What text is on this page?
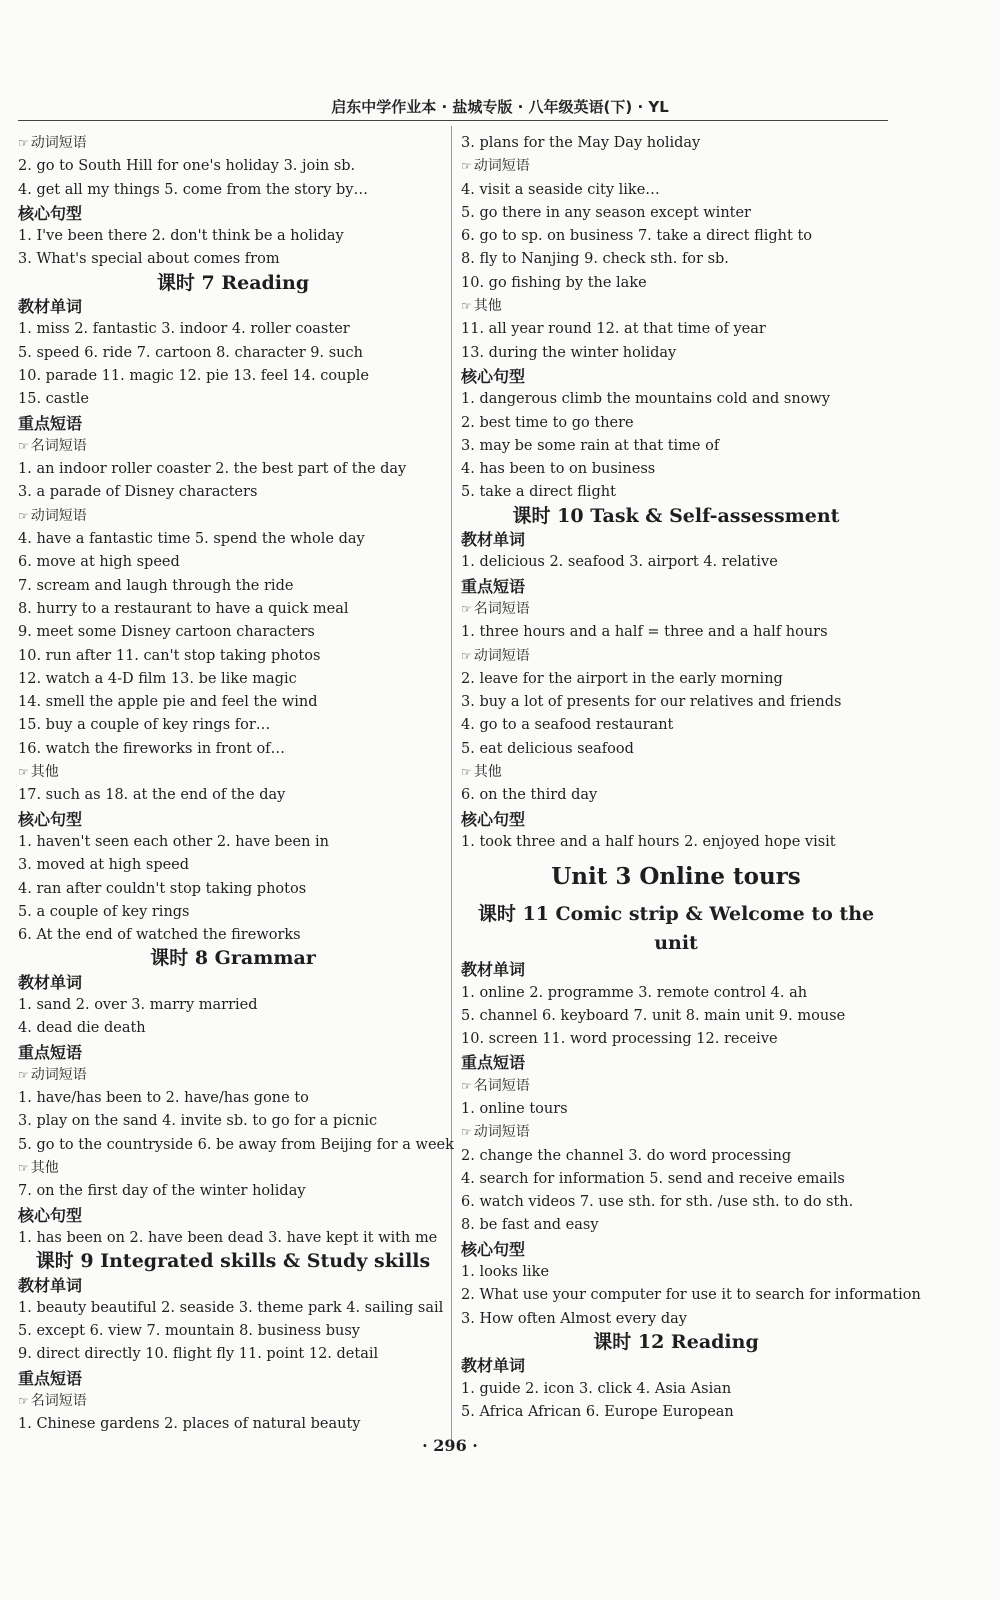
启东中学作业本 · 盐城专版 · 八年级英语(下) · YL
☞ 动词短语
2. go to South Hill for one's holiday 3. join sb.
4. get all my things 5. come from the story by…
核心句型
1. I've been there 2. don't think be a holiday
3. What's special about comes from
课时 7 Reading
教材单词
1. miss 2. fantastic 3. indoor 4. roller coaster
5. speed 6. ride 7. cartoon 8. character 9. such
10. parade 11. magic 12. pie 13. feel 14. couple
15. castle
重点短语
☞ 名词短语
1. an indoor roller coaster 2. the best part of the day
3. a parade of Disney characters
☞ 动词短语
4. have a fantastic time 5. spend the whole day
6. move at high speed
7. scream and laugh through the ride
8. hurry to a restaurant to have a quick meal
9. meet some Disney cartoon characters
10. run after 11. can't stop taking photos
12. watch a 4-D film 13. be like magic
14. smell the apple pie and feel the wind
15. buy a couple of key rings for…
16. watch the fireworks in front of…
☞ 其他
17. such as 18. at the end of the day
核心句型
1. haven't seen each other 2. have been in
3. moved at high speed
4. ran after couldn't stop taking photos
5. a couple of key rings
6. At the end of watched the fireworks
课时 8 Grammar
教材单词
1. sand 2. over 3. marry married
4. dead die death
重点短语
☞ 动词短语
1. have/has been to 2. have/has gone to
3. play on the sand 4. invite sb. to go for a picnic
5. go to the countryside 6. be away from Beijing for a week
☞ 其他
7. on the first day of the winter holiday
核心句型
1. has been on 2. have been dead 3. have kept it with me
课时 9 Integrated skills & Study skills
教材单词
1. beauty beautiful 2. seaside 3. theme park 4. sailing sail
5. except 6. view 7. mountain 8. business busy
9. direct directly 10. flight fly 11. point 12. detail
重点短语
☞ 名词短语
1. Chinese gardens 2. places of natural beauty
3. plans for the May Day holiday
☞ 动词短语
4. visit a seaside city like…
5. go there in any season except winter
6. go to sp. on business 7. take a direct flight to
8. fly to Nanjing 9. check sth. for sb.
10. go fishing by the lake
☞ 其他
11. all year round 12. at that time of year
13. during the winter holiday
核心句型
1. dangerous climb the mountains cold and snowy
2. best time to go there
3. may be some rain at that time of
4. has been to on business
5. take a direct flight
课时 10 Task & Self-assessment
教材单词
1. delicious 2. seafood 3. airport 4. relative
重点短语
☞ 名词短语
1. three hours and a half = three and a half hours
☞ 动词短语
2. leave for the airport in the early morning
3. buy a lot of presents for our relatives and friends
4. go to a seafood restaurant
5. eat delicious seafood
☞ 其他
6. on the third day
核心句型
1. took three and a half hours 2. enjoyed hope visit
Unit 3 Online tours
课时 11 Comic strip & Welcome to the unit
教材单词
1. online 2. programme 3. remote control 4. ah
5. channel 6. keyboard 7. unit 8. main unit 9. mouse
10. screen 11. word processing 12. receive
重点短语
☞ 名词短语
1. online tours
☞ 动词短语
2. change the channel 3. do word processing
4. search for information 5. send and receive emails
6. watch videos 7. use sth. for sth. /use sth. to do sth.
8. be fast and easy
核心句型
1. looks like
2. What use your computer for use it to search for information
3. How often Almost every day
课时 12 Reading
教材单词
1. guide 2. icon 3. click 4. Asia Asian
5. Africa African 6. Europe European
· 296 ·
